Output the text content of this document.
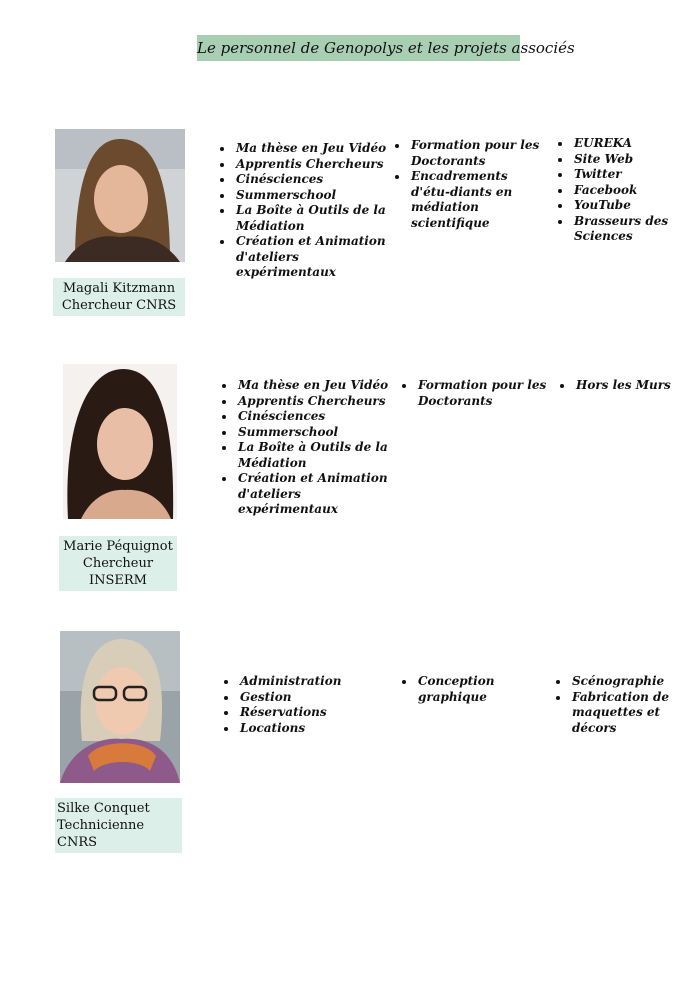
Le personnel de Genopolys et les projets associés
Magali Kitzmann
Chercheur CNRS
• Ma thèse en Jeu Vidéo
• Apprentis Chercheurs
• Cinésciences
• Summerschool
• La Boîte à Outils de la Médiation
• Création et Animation d'ateliers expérimentaux
• Formation pour les Doctorants
• Encadrements d'étu-diants en médiation scientifique
• EUREKA
• Site Web
• Twitter
• Facebook
• YouTube
• Brasseurs des Sciences
Marie Péquignot
Chercheur INSERM
• Ma thèse en Jeu Vidéo
• Apprentis Chercheurs
• Cinésciences
• Summerschool
• La Boîte à Outils de la Médiation
• Création et Animation d'ateliers expérimentaux
• Formation pour les Doctorants
• Hors les Murs
Silke Conquet
Technicienne CNRS
• Administration
• Gestion
• Réservations
• Locations
• Conception graphique
• Scénographie
• Fabrication de maquettes et décors
